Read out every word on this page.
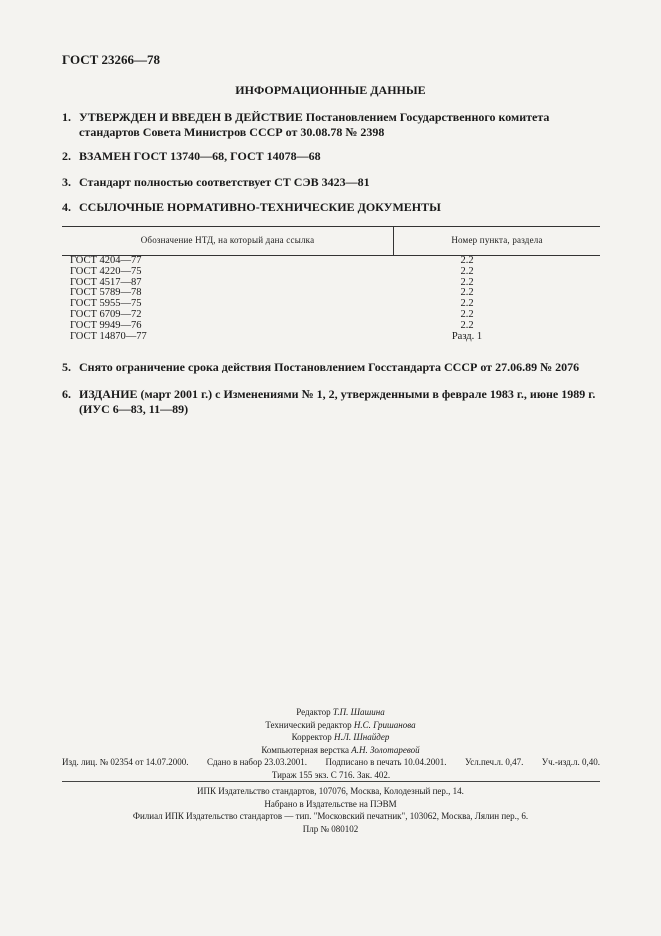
ГОСТ 23266—78
ИНФОРМАЦИОННЫЕ ДАННЫЕ
1. УТВЕРЖДЕН И ВВЕДЕН В ДЕЙСТВИЕ Постановлением Государственного комитета стандартов Совета Министров СССР от 30.08.78 № 2398
2. ВЗАМЕН ГОСТ 13740—68, ГОСТ 14078—68
3. Стандарт полностью соответствует СТ СЭВ 3423—81
4. ССЫЛОЧНЫЕ НОРМАТИВНО-ТЕХНИЧЕСКИЕ ДОКУМЕНТЫ
Обозначение НТД, на который дана ссылка	Номер пункта, раздела
ГОСТ 4204—77	2.2
ГОСТ 4220—75	2.2
ГОСТ 4517—87	2.2
ГОСТ 5789—78	2.2
ГОСТ 5955—75	2.2
ГОСТ 6709—72	2.2
ГОСТ 9949—76	2.2
ГОСТ 14870—77	Разд. 1
5. Снято ограничение срока действия Постановлением Госстандарта СССР от 27.06.89 № 2076
6. ИЗДАНИЕ (март 2001 г.) с Изменениями № 1, 2, утвержденными в феврале 1983 г., июне 1989 г. (ИУС 6—83, 11—89)
Редактор Т.П. Шашина
Технический редактор Н.С. Гришанова
Корректор Н.Л. Шнайдер
Компьютерная верстка А.Н. Золотаревой
Изд. лиц. № 02354 от 14.07.2000. Сдано в набор 23.03.2001. Подписано в печать 10.04.2001. Усл.печ.л. 0,47. Уч.-изд.л. 0,40.
Тираж 155 экз. С 716. Зак. 402.
ИПК Издательство стандартов, 107076, Москва, Колодезный пер., 14.
Набрано в Издательстве на ПЭВМ
Филиал ИПК Издательство стандартов — тип. "Московский печатник", 103062, Москва, Лялин пер., 6.
Плр № 080102
